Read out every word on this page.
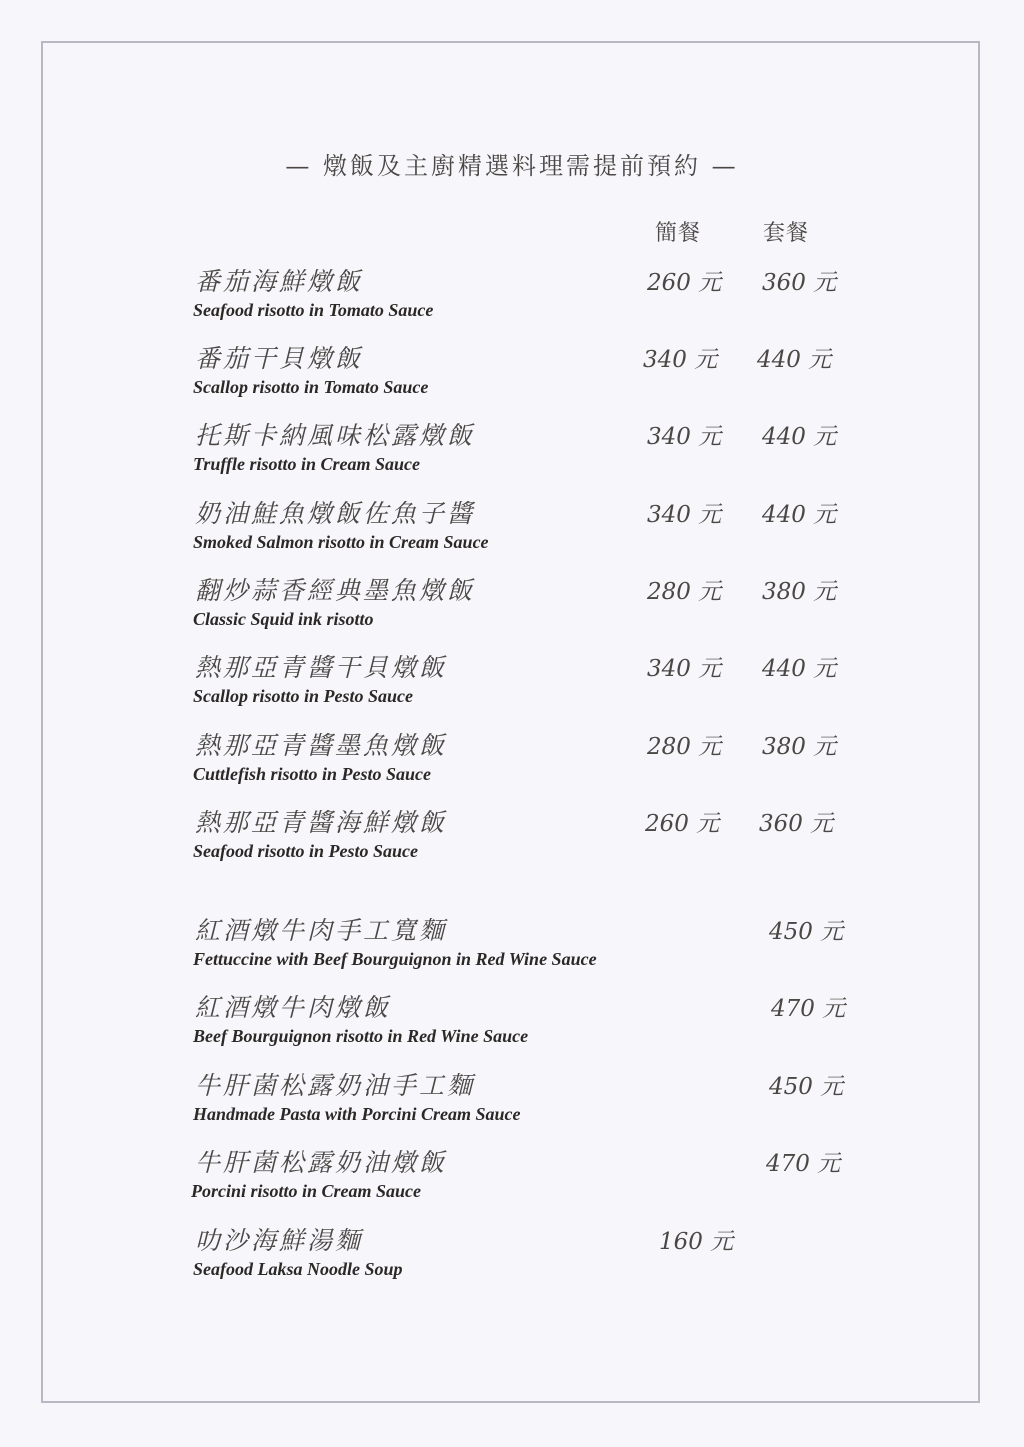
— 燉飯及主廚精選料理需提前預約 —
簡餐	套餐
番茄海鮮燉飯
Seafood risotto in Tomato Sauce
260 元 360 元
番茄干貝燉飯
Scallop risotto in Tomato Sauce
340 元 440 元
托斯卡納風味松露燉飯
Truffle risotto in Cream Sauce
340 元 440 元
奶油鮭魚燉飯佐魚子醬
Smoked Salmon risotto in Cream Sauce
340 元 440 元
翻炒蒜香經典墨魚燉飯
Classic Squid ink risotto
280 元 380 元
熱那亞青醬干貝燉飯
Scallop risotto in Pesto Sauce
340 元 440 元
熱那亞青醬墨魚燉飯
Cuttlefish risotto in Pesto Sauce
280 元 380 元
熱那亞青醬海鮮燉飯
Seafood risotto in Pesto Sauce
260 元 360 元
紅酒燉牛肉手工寬麵
Fettuccine with Beef Bourguignon in Red Wine Sauce
450 元
紅酒燉牛肉燉飯
Beef Bourguignon risotto in Red Wine Sauce
470 元
牛肝菌松露奶油手工麵
Handmade Pasta with Porcini Cream Sauce
450 元
牛肝菌松露奶油燉飯
Porcini risotto in Cream Sauce
470 元
叻沙海鮮湯麵
Seafood Laksa Noodle Soup
160 元
